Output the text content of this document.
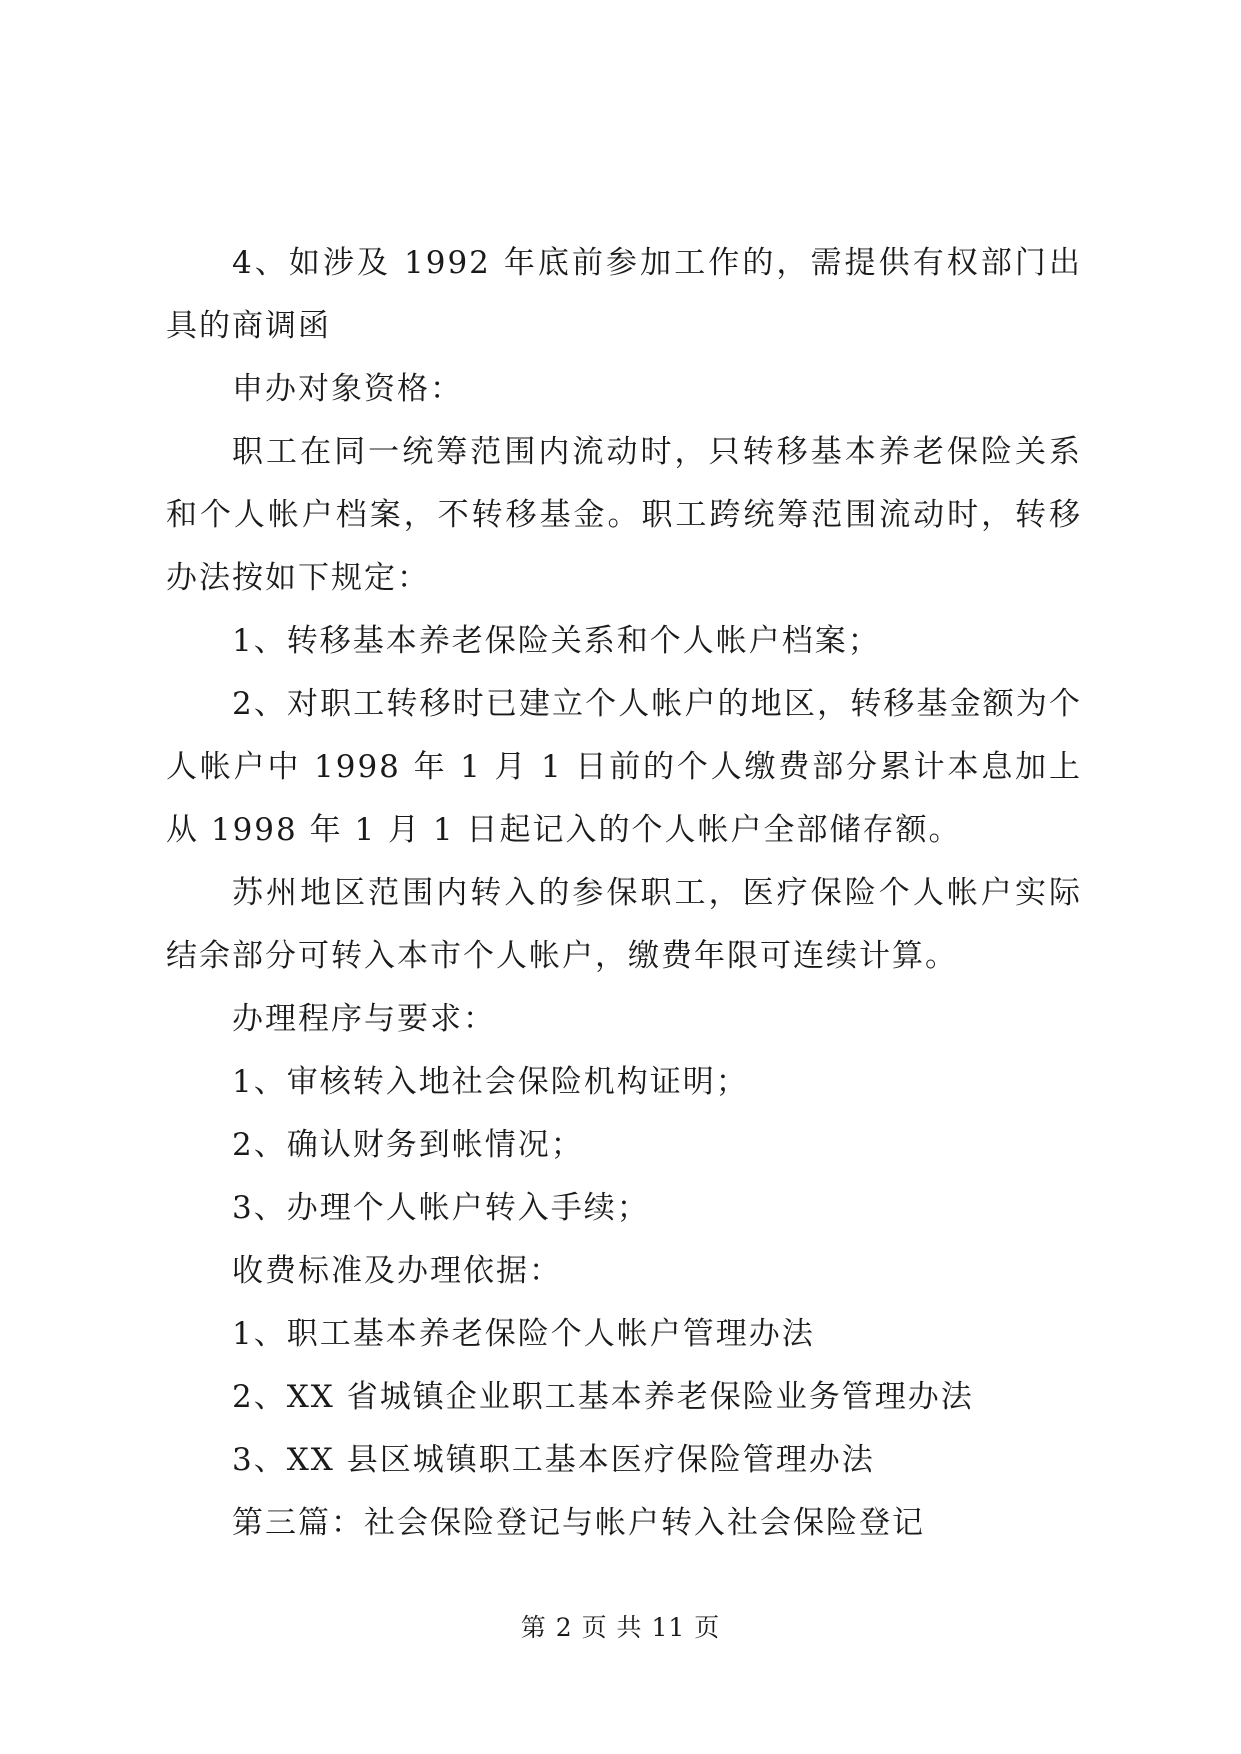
4、如涉及 1992 年底前参加工作的，需提供有权部门出具的商调函

申办对象资格：

职工在同一统筹范围内流动时，只转移基本养老保险关系和个人帐户档案，不转移基金。职工跨统筹范围流动时，转移办法按如下规定：

1、转移基本养老保险关系和个人帐户档案；

2、对职工转移时已建立个人帐户的地区，转移基金额为个人帐户中 1998 年 1 月 1 日前的个人缴费部分累计本息加上从 1998 年 1 月 1 日起记入的个人帐户全部储存额。

苏州地区范围内转入的参保职工，医疗保险个人帐户实际结余部分可转入本市个人帐户，缴费年限可连续计算。

办理程序与要求：

1、审核转入地社会保险机构证明；

2、确认财务到帐情况；

3、办理个人帐户转入手续；

收费标准及办理依据：

1、职工基本养老保险个人帐户管理办法

2、XX 省城镇企业职工基本养老保险业务管理办法

3、XX 县区城镇职工基本医疗保险管理办法

第三篇：社会保险登记与帐户转入社会保险登记

第 2 页 共 11 页
